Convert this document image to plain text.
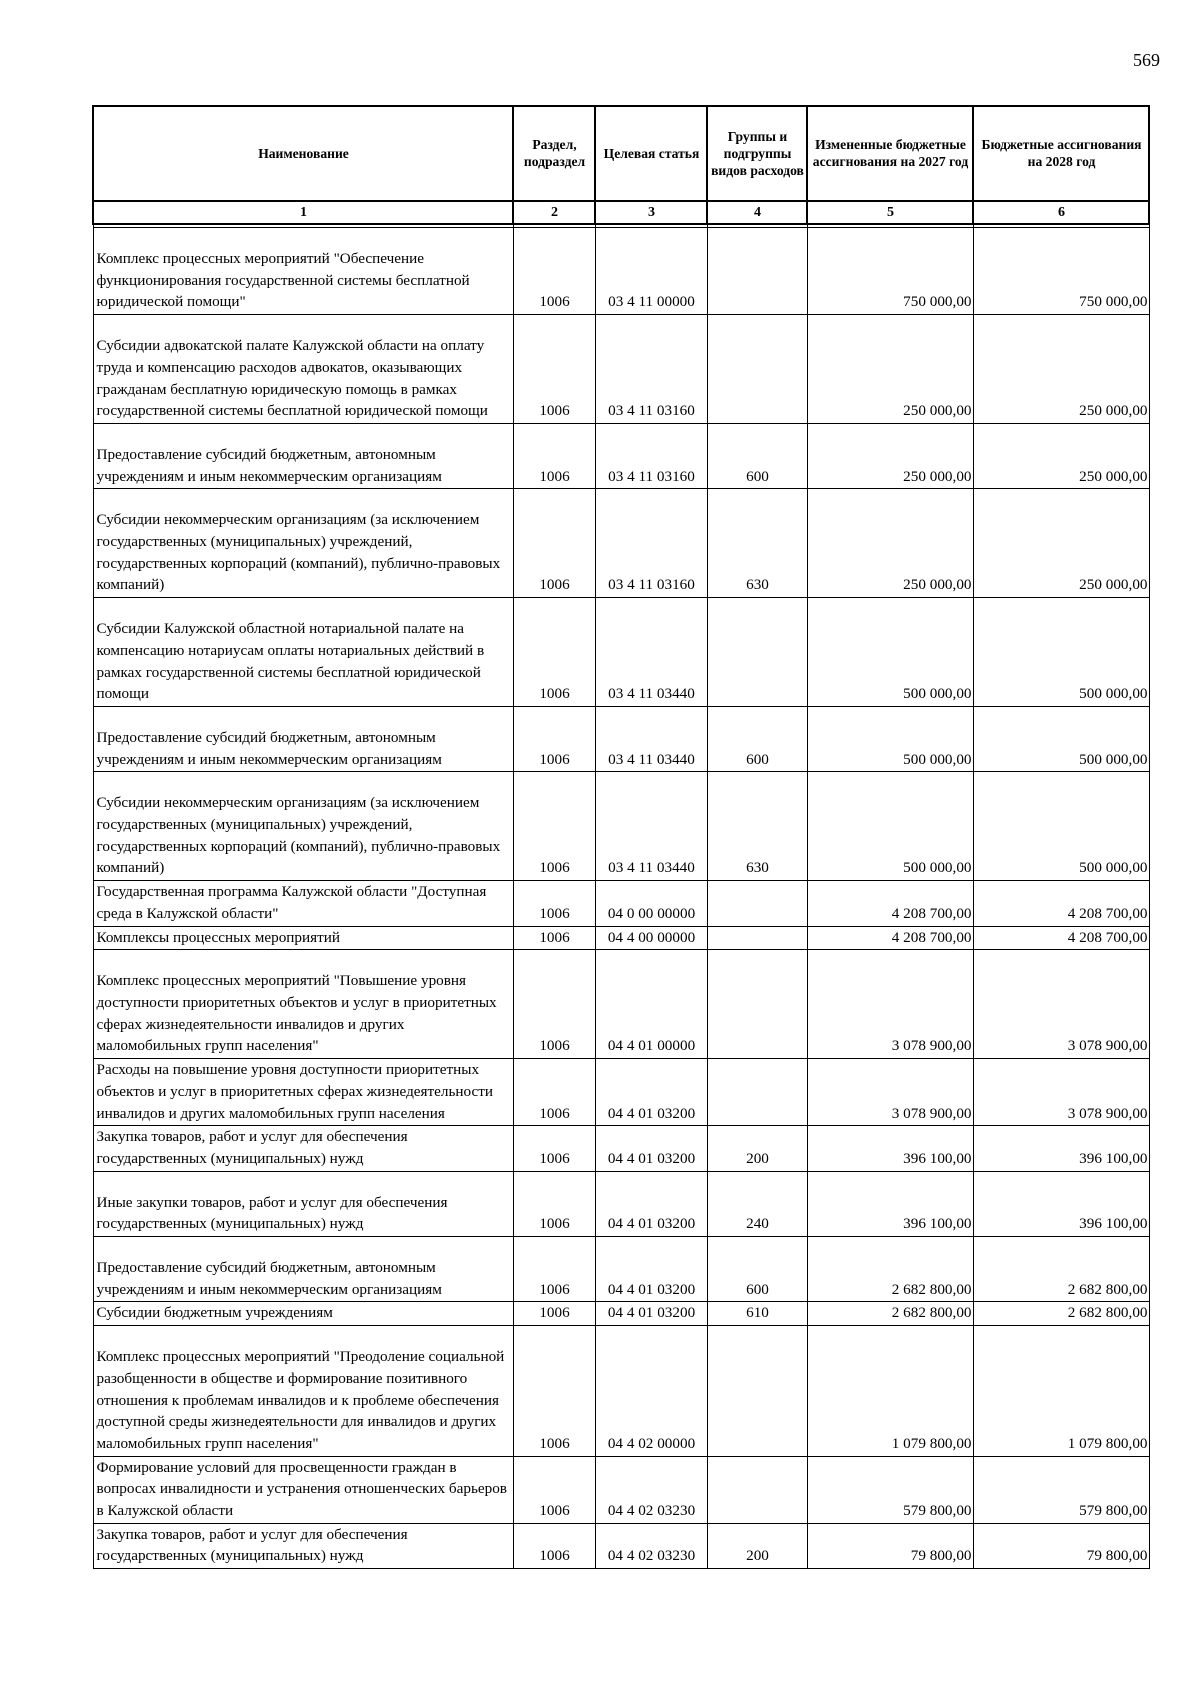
569
Наименование	Раздел, подраздел	Целевая статья	Группы и подгруппы видов расходов	Измененные бюджетные ассигнования на 2027 год	Бюджетные ассигнования на 2028 год
1	2	3	4	5	6

Комплекс процессных мероприятий "Обеспечение функционирования государственной системы бесплатной юридической помощи"	1006	03 4 11 00000		750 000,00	750 000,00
Субсидии адвокатской палате Калужской области на оплату труда и компенсацию расходов адвокатов, оказывающих гражданам бесплатную юридическую помощь в рамках государственной системы бесплатной юридической помощи	1006	03 4 11 03160		250 000,00	250 000,00
Предоставление субсидий бюджетным, автономным учреждениям и иным некоммерческим организациям	1006	03 4 11 03160	600	250 000,00	250 000,00
Субсидии некоммерческим организациям (за исключением государственных (муниципальных) учреждений, государственных корпораций (компаний), публично-правовых компаний)	1006	03 4 11 03160	630	250 000,00	250 000,00
Субсидии Калужской областной нотариальной палате на компенсацию нотариусам оплаты нотариальных действий в рамках государственной системы бесплатной юридической помощи	1006	03 4 11 03440		500 000,00	500 000,00
Предоставление субсидий бюджетным, автономным учреждениям и иным некоммерческим организациям	1006	03 4 11 03440	600	500 000,00	500 000,00
Субсидии некоммерческим организациям (за исключением государственных (муниципальных) учреждений, государственных корпораций (компаний), публично-правовых компаний)	1006	03 4 11 03440	630	500 000,00	500 000,00
Государственная программа Калужской области "Доступная среда в Калужской области"	1006	04 0 00 00000		4 208 700,00	4 208 700,00
Комплексы процессных мероприятий	1006	04 4 00 00000		4 208 700,00	4 208 700,00
Комплекс процессных мероприятий "Повышение уровня доступности приоритетных объектов и услуг в приоритетных сферах жизнедеятельности инвалидов и других маломобильных групп населения"	1006	04 4 01 00000		3 078 900,00	3 078 900,00
Расходы на повышение уровня доступности приоритетных объектов и услуг в приоритетных сферах жизнедеятельности инвалидов и других маломобильных групп населения	1006	04 4 01 03200		3 078 900,00	3 078 900,00
Закупка товаров, работ и услуг для обеспечения государственных (муниципальных) нужд	1006	04 4 01 03200	200	396 100,00	396 100,00
Иные закупки товаров, работ и услуг для обеспечения государственных (муниципальных) нужд	1006	04 4 01 03200	240	396 100,00	396 100,00
Предоставление субсидий бюджетным, автономным учреждениям и иным некоммерческим организациям	1006	04 4 01 03200	600	2 682 800,00	2 682 800,00
Субсидии бюджетным учреждениям	1006	04 4 01 03200	610	2 682 800,00	2 682 800,00
Комплекс процессных мероприятий "Преодоление социальной разобщенности в обществе и формирование позитивного отношения к проблемам инвалидов и к проблеме обеспечения доступной среды жизнедеятельности для инвалидов и других маломобильных групп населения"	1006	04 4 02 00000		1 079 800,00	1 079 800,00
Формирование условий для просвещенности граждан в вопросах инвалидности и устранения отношенческих барьеров в Калужской области	1006	04 4 02 03230		579 800,00	579 800,00
Закупка товаров, работ и услуг для обеспечения государственных (муниципальных) нужд	1006	04 4 02 03230	200	79 800,00	79 800,00
